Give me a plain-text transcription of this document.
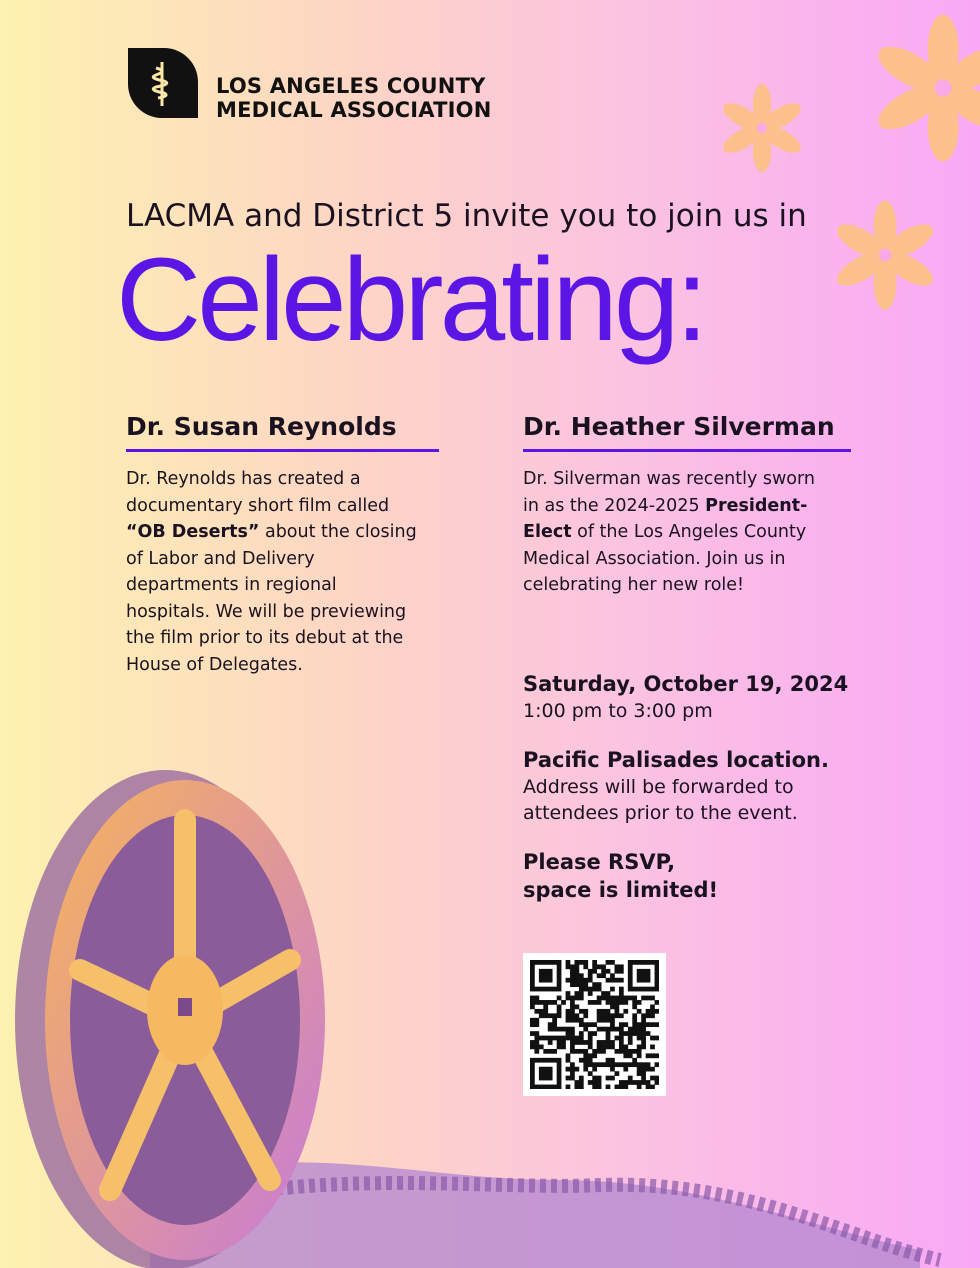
LOS ANGELES COUNTY
MEDICAL ASSOCIATION
LACMA and District 5 invite you to join us in
Celebrating:
Dr. Susan Reynolds
Dr. Reynolds has created a
documentary short film called
“OB Deserts” about the closing
of Labor and Delivery
departments in regional
hospitals. We will be previewing
the film prior to its debut at the
House of Delegates.
Dr. Heather Silverman
Dr. Silverman was recently sworn
in as the 2024-2025 President-
Elect of the Los Angeles County
Medical Association. Join us in
celebrating her new role!
Saturday, October 19, 2024
1:00 pm to 3:00 pm
Pacific Palisades location.
Address will be forwarded to
attendees prior to the event.
Please RSVP,
space is limited!
